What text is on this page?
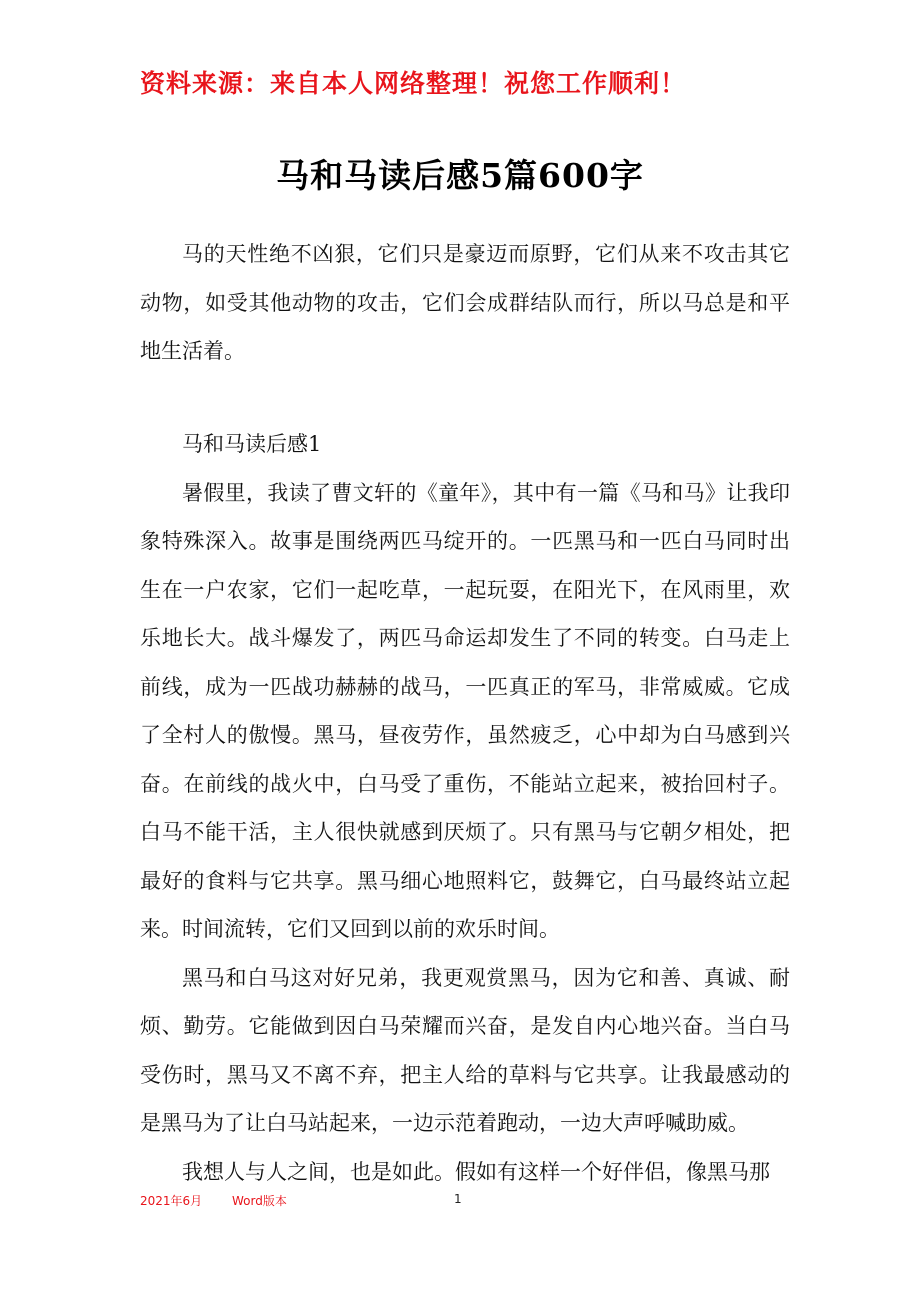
资料来源：来自本人网络整理！祝您工作顺利！
马和马读后感5篇600字

马的天性绝不凶狠，它们只是豪迈而原野，它们从来不攻击其它动物，如受其他动物的攻击，它们会成群结队而行，所以马总是和平地生活着。

马和马读后感1

暑假里，我读了曹文轩的《童年》，其中有一篇《马和马》让我印象特殊深入。故事是围绕两匹马绽开的。一匹黑马和一匹白马同时出生在一户农家，它们一起吃草，一起玩耍，在阳光下，在风雨里，欢乐地长大。战斗爆发了，两匹马命运却发生了不同的转变。白马走上前线，成为一匹战功赫赫的战马，一匹真正的军马，非常威威。它成了全村人的傲慢。黑马，昼夜劳作，虽然疲乏，心中却为白马感到兴奋。在前线的战火中，白马受了重伤，不能站立起来，被抬回村子。白马不能干活，主人很快就感到厌烦了。只有黑马与它朝夕相处，把最好的食料与它共享。黑马细心地照料它，鼓舞它，白马最终站立起来。时间流转，它们又回到以前的欢乐时间。

黑马和白马这对好兄弟，我更观赏黑马，因为它和善、真诚、耐烦、勤劳。它能做到因白马荣耀而兴奋，是发自内心地兴奋。当白马受伤时，黑马又不离不弃，把主人给的草料与它共享。让我最感动的是黑马为了让白马站起来，一边示范着跑动，一边大声呼喊助威。

我想人与人之间，也是如此。假如有这样一个好伴侣，像黑马那

2021年6月 Word版本	1
